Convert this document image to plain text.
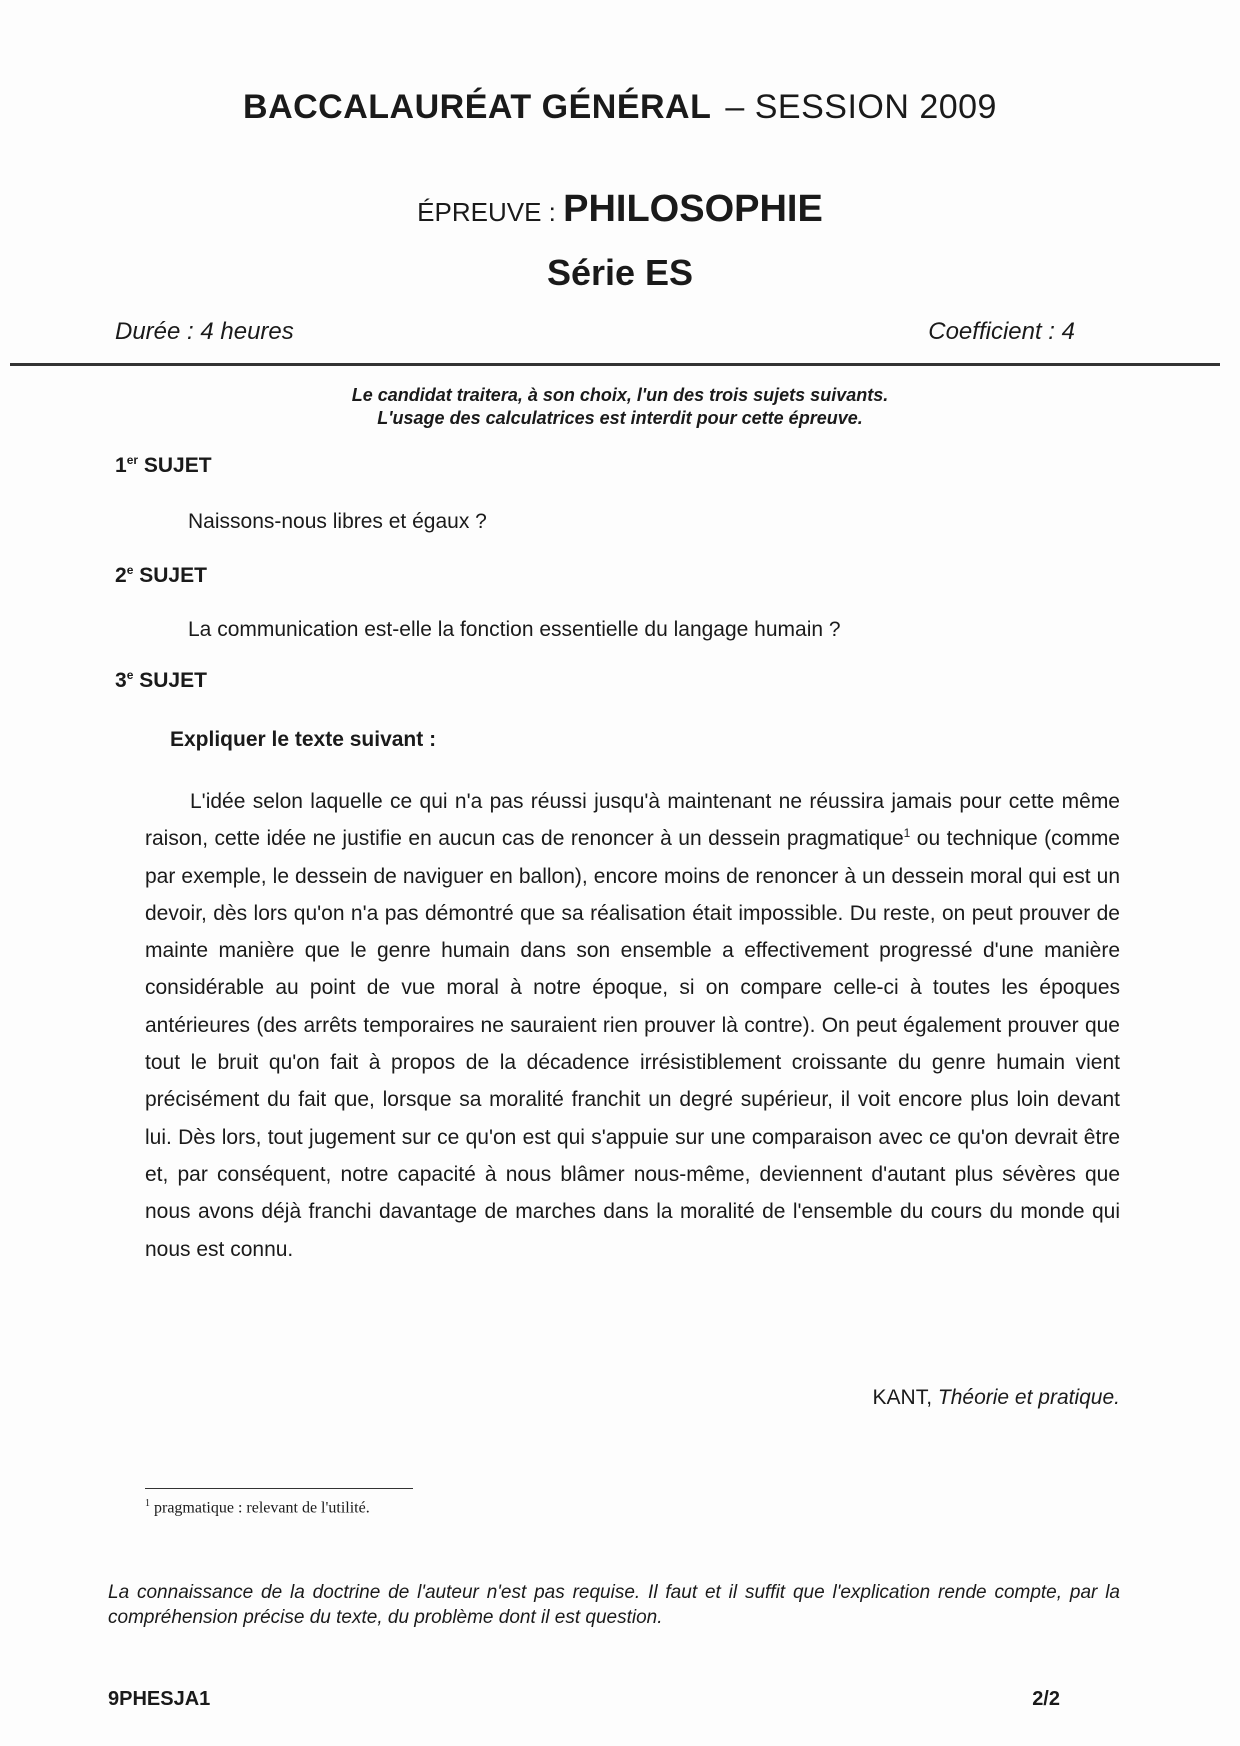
BACCALAURÉAT GÉNÉRAL – SESSION 2009
ÉPREUVE : PHILOSOPHIE
Série ES
Durée : 4 heures	Coefficient : 4
Le candidat traitera, à son choix, l'un des trois sujets suivants.
L'usage des calculatrices est interdit pour cette épreuve.
1er SUJET
Naissons-nous libres et égaux ?
2e SUJET
La communication est-elle la fonction essentielle du langage humain ?
3e SUJET
Expliquer le texte suivant :
L'idée selon laquelle ce qui n'a pas réussi jusqu'à maintenant ne réussira jamais pour cette même raison, cette idée ne justifie en aucun cas de renoncer à un dessein pragmatique$^1$ ou technique (comme par exemple, le dessein de naviguer en ballon), encore moins de renoncer à un dessein moral qui est un devoir, dès lors qu'on n'a pas démontré que sa réalisation était impossible. Du reste, on peut prouver de mainte manière que le genre humain dans son ensemble a effectivement progressé d'une manière considérable au point de vue moral à notre époque, si on compare celle-ci à toutes les époques antérieures (des arrêts temporaires ne sauraient rien prouver là contre). On peut également prouver que tout le bruit qu'on fait à propos de la décadence irrésistiblement croissante du genre humain vient précisément du fait que, lorsque sa moralité franchit un degré supérieur, il voit encore plus loin devant lui. Dès lors, tout jugement sur ce qu'on est qui s'appuie sur une comparaison avec ce qu'on devrait être et, par conséquent, notre capacité à nous blâmer nous-même, deviennent d'autant plus sévères que nous avons déjà franchi davantage de marches dans la moralité de l'ensemble du cours du monde qui nous est connu.
KANT, Théorie et pratique.
$^1$ pragmatique : relevant de l'utilité.
La connaissance de la doctrine de l'auteur n'est pas requise. Il faut et il suffit que l'explication rende compte, par la compréhension précise du texte, du problème dont il est question.
9PHESJA1	2/2
